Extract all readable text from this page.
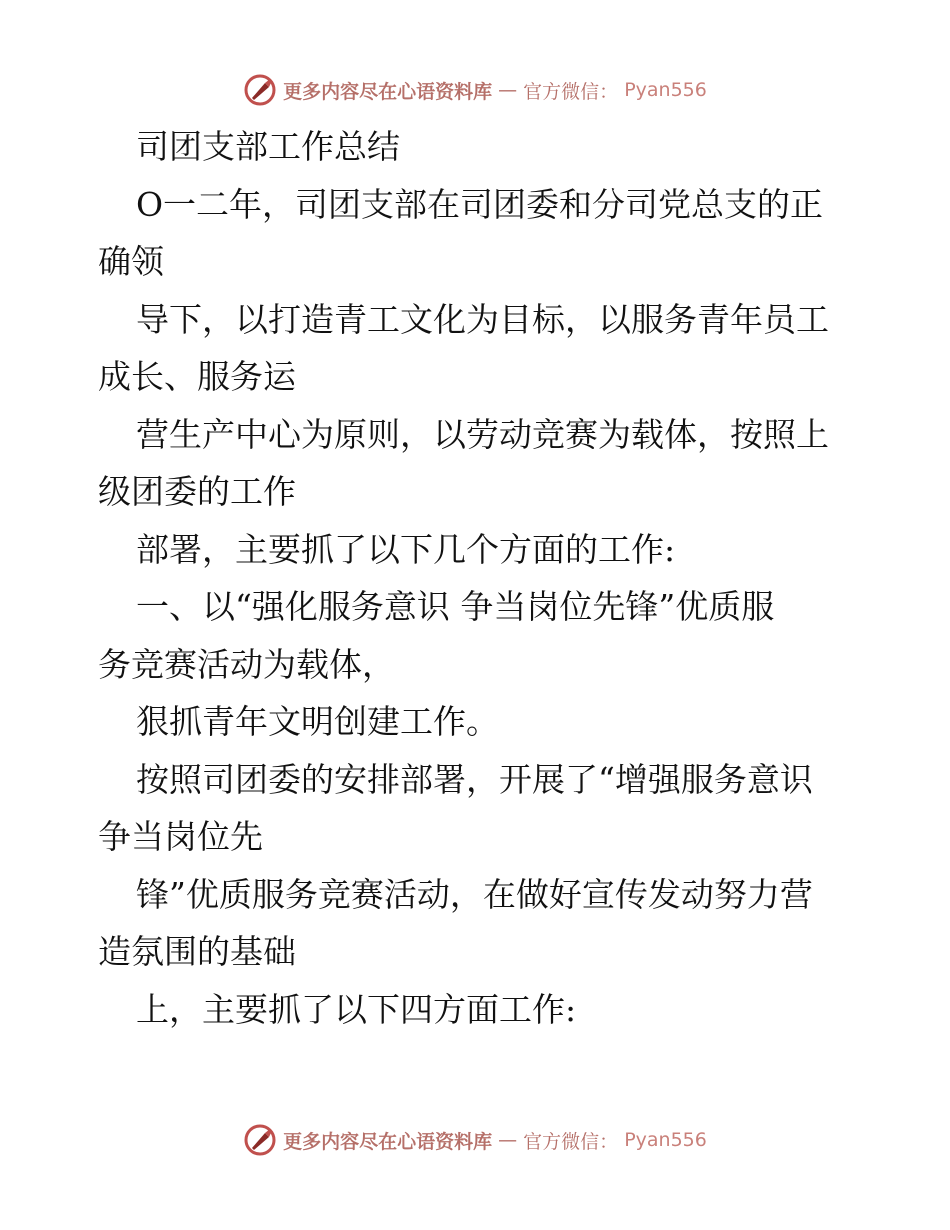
更多内容尽在心语资料库 — 官方微信： Pyan556
司团支部工作总结
O一二年，司团支部在司团委和分司党总支的正
确领
导下，以打造青工文化为目标，以服务青年员工
成长、服务运
营生产中心为原则，以劳动竞赛为载体，按照上
级团委的工作
部署，主要抓了以下几个方面的工作:
一、以“强化服务意识 争当岗位先锋”优质服
务竞赛活动为载体，
狠抓青年文明创建工作。
按照司团委的安排部署，开展了“增强服务意识
争当岗位先
锋”优质服务竞赛活动，在做好宣传发动努力营
造氛围的基础
上，主要抓了以下四方面工作:
更多内容尽在心语资料库 — 官方微信： Pyan556
